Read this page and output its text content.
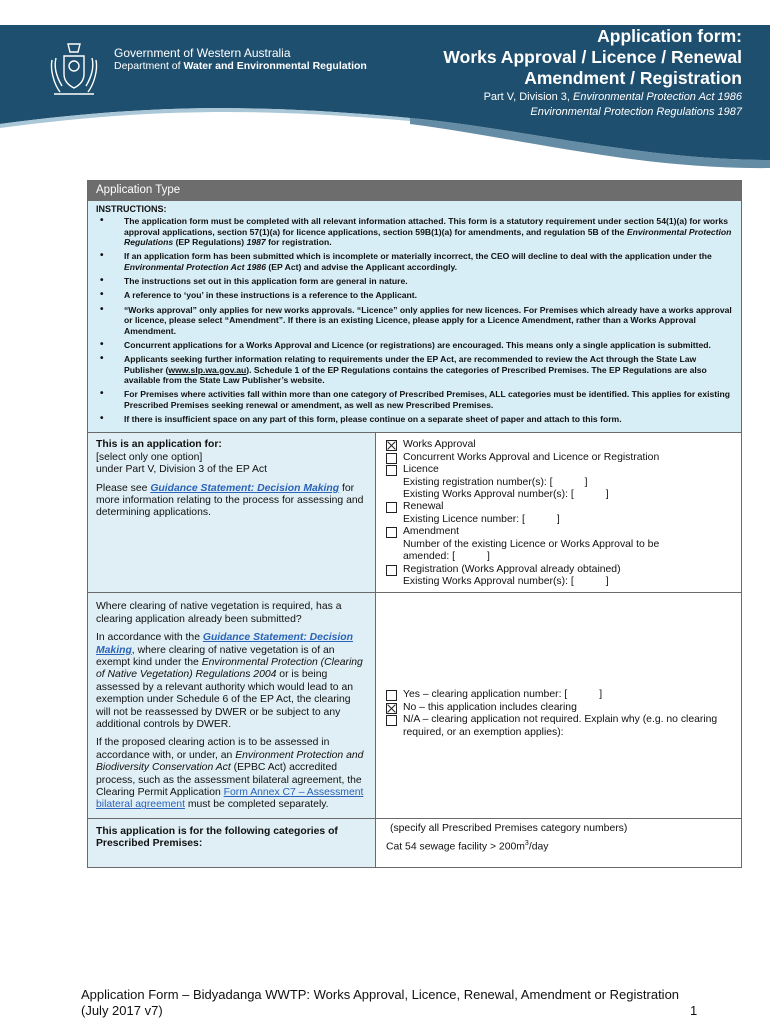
Government of Western Australia
Department of Water and Environmental Regulation
Application form:
Works Approval / Licence / Renewal
Amendment / Registration
Part V, Division 3, Environmental Protection Act 1986
Environmental Protection Regulations 1987
Application Type
INSTRUCTIONS:
• The application form must be completed with all relevant information attached. This form is a statutory requirement under section 54(1)(a) for works approval applications, section 57(1)(a) for licence applications, section 59B(1)(a) for amendments, and regulation 5B of the Environmental Protection Regulations (EP Regulations) 1987 for registration.
• If an application form has been submitted which is incomplete or materially incorrect, the CEO will decline to deal with the application under the Environmental Protection Act 1986 (EP Act) and advise the Applicant accordingly.
• The instructions set out in this application form are general in nature.
• A reference to ‘you’ in these instructions is a reference to the Applicant.
• “Works approval” only applies for new works approvals. “Licence” only applies for new licences. For Premises which already have a works approval or licence, please select “Amendment”. If there is an existing Licence, please apply for a Licence Amendment, rather than a Works Approval Amendment.
• Concurrent applications for a Works Approval and Licence (or registrations) are encouraged. This means only a single application is submitted.
• Applicants seeking further information relating to requirements under the EP Act, are recommended to review the Act through the State Law Publisher (www.slp.wa.gov.au). Schedule 1 of the EP Regulations contains the categories of Prescribed Premises. The EP Regulations are also available from the State Law Publisher’s website.
• For Premises where activities fall within more than one category of Prescribed Premises, ALL categories must be identified. This applies for existing Prescribed Premises seeking renewal or amendment, as well as new Prescribed Premises.
• If there is insufficient space on any part of this form, please continue on a separate sheet of paper and attach to this form.

This is an application for:
[select only one option]
under Part V, Division 3 of the EP Act

Please see Guidance Statement: Decision Making for more information relating to the process for assessing and determining applications.

Works Approval
Concurrent Works Approval and Licence or Registration
Licence
Existing registration number(s): [	]
Existing Works Approval number(s): [	]
Renewal
Existing Licence number: [	]
Amendment
Number of the existing Licence or Works Approval to be
amended: [	]
Registration (Works Approval already obtained)
Existing Works Approval number(s): [	]

Where clearing of native vegetation is required, has a clearing application already been submitted?

In accordance with the Guidance Statement: Decision Making, where clearing of native vegetation is of an exempt kind under the Environmental Protection (Clearing of Native Vegetation) Regulations 2004 or is being assessed by a relevant authority which would lead to an exemption under Schedule 6 of the EP Act, the clearing will not be reassessed by DWER or be subject to any additional controls by DWER.

If the proposed clearing action is to be assessed in accordance with, or under, an Environment Protection and Biodiversity Conservation Act (EPBC Act) accredited process, such as the assessment bilateral agreement, the Clearing Permit Application Form Annex C7 – Assessment bilateral agreement must be completed separately.

Yes – clearing application number: [	]
No – this application includes clearing
N/A – clearing application not required. Explain why (e.g. no clearing required, or an exemption applies):
This application is for the following categories of Prescribed Premises:
(specify all Prescribed Premises category numbers)
Cat 54 sewage facility > $200m^3$/day
Application Form – Bidyadanga WWTP: Works Approval, Licence, Renewal, Amendment or Registration (July 2017 v7)	1
